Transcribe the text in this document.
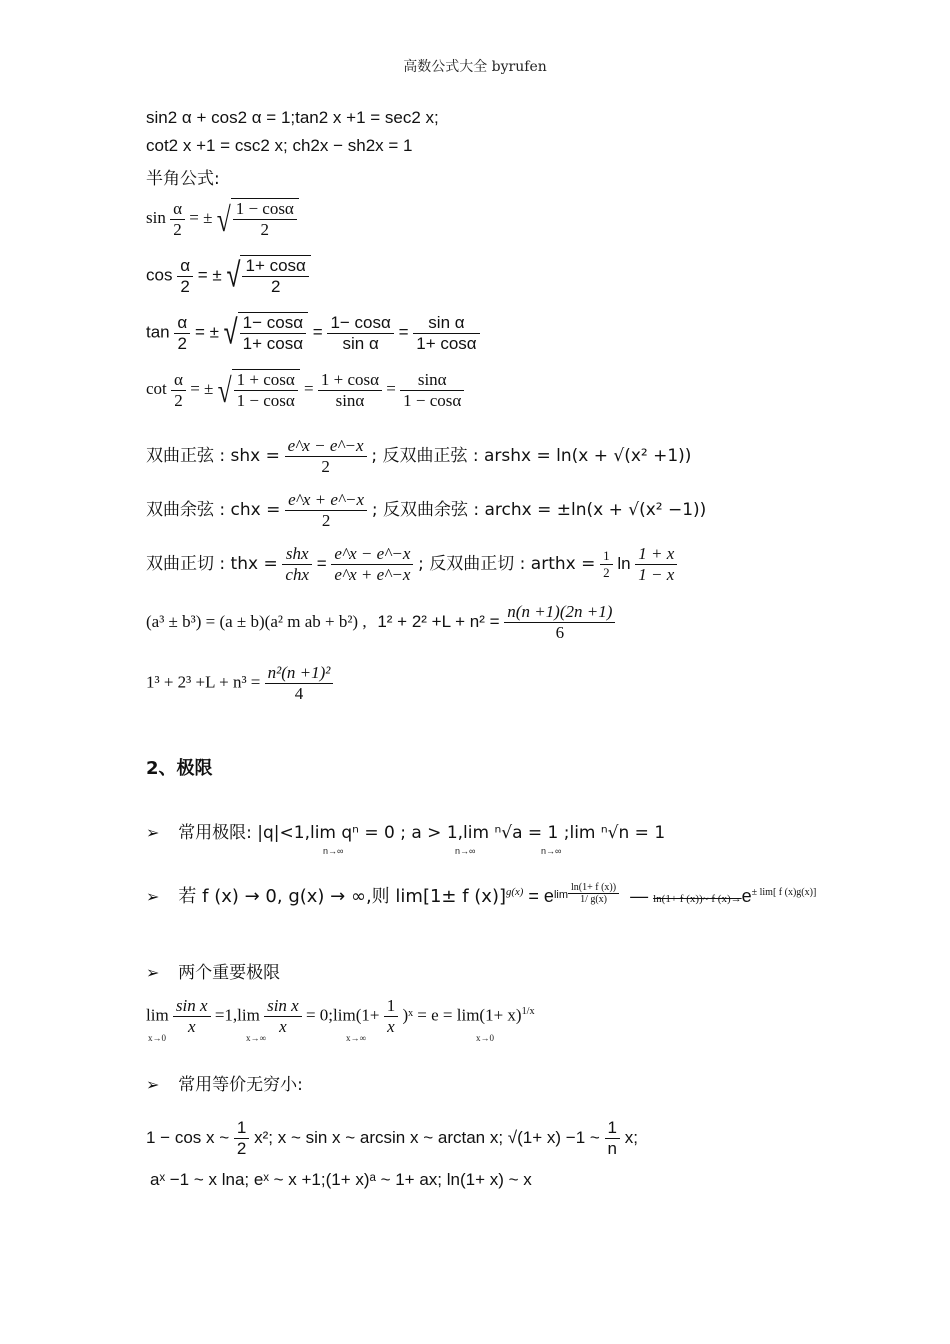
高数公式大全 byrufen
sin2 α + cos2 α = 1;tan2 x +1 = sec2 x;
cot2 x +1 = csc2 x; ch2x − sh2x = 1
半角公式:
$\sin \frac{\alpha}{2}$ = ± √ $\frac{1 - \cos\alpha}{2}$
$\cos \frac{\alpha}{2}$ = ± √ $\frac{1+ \cos\alpha}{2}$
$\tan \frac{\alpha}{2}$ = ± √ $\frac{1- \cos\alpha}{1+ \cos\alpha} = \frac{1- \cos\alpha}{\text{sin α}} = \frac{\text{sin α}}{1+ \cos\alpha}$
$\cot \frac{\alpha}{2}$ = ± √ $\frac{1 + \cos\alpha}{1 - \cos\alpha} = \frac{1 + \cos\alpha}{\sin\alpha} = \frac{\sin\alpha}{1 - \cos\alpha}$
双曲正弦 : shx = $\frac{e\^{}x - e\^{}-x}{2}$ ; 反双曲正弦 : arshx = ln(x + √(x² +1))
双曲余弦 : chx = $\frac{e\^{}x + e\^{}-x}{2}$ ; 反双曲余弦 : archx = ±ln(x + √(x² −1))
双曲正切 : thx = $\frac{\text{shx}}{\text{chx}} = \frac{e\^{}x - e\^{}-x}{e\^{}x + e\^{}-x}$ ; 反双曲正切 : arthx = $\frac{1}{2}$ $\ln \frac{1 + x}{1 - x}$
(a³ ± b³) = (a ± b)(a² m ab + b²) , $1^2 + 2^2 +L + n^2 = \frac{n(n +1)(2n +1)}{6}$
$1^3 + 2^3 +L + n^3 = \frac{\text{n²(n +1)²}}{4}$
2、极限
➢ 常用极限: |q|<1,lim qⁿ = 0 ; a > 1,lim ⁿ√a = 1 ;lim ⁿ√n = 1
n→∞	n→∞	n→∞
➢ 若 f (x) → 0, g(x) → ∞,则 lim[1± f $(x)]^{g(x)} = e^{lim \frac{\ln(1+ f (x))}{1/ g(x)}}$ — ln(1+ f (x))~ f $(x)\to e^{\pm lim[ f (x)g(x)]}$
➢ 两个重要极限
$\lim \frac{\text{sin x}}{x} =1,\lim \frac{\text{sin x}}{x}$ = 0;lim(1+ $\frac{1}{x}$ )ˣ = $e = \lim(1+ x)^{1/x}$
x→0	x→∞	x→∞	x→0
➢ 常用等价无穷小:
1 − cos x ~ $\frac{1}{2} x^2$; x ~ sin x ~ arcsin x ~ arctan x; √(1+ x) −1 ~ $\frac{1}{n} x$;
aˣ −1 ~ x lna; eˣ ~ x +1;(1+ x)ᵃ ~ 1+ ax; ln(1+ x) ~ x
